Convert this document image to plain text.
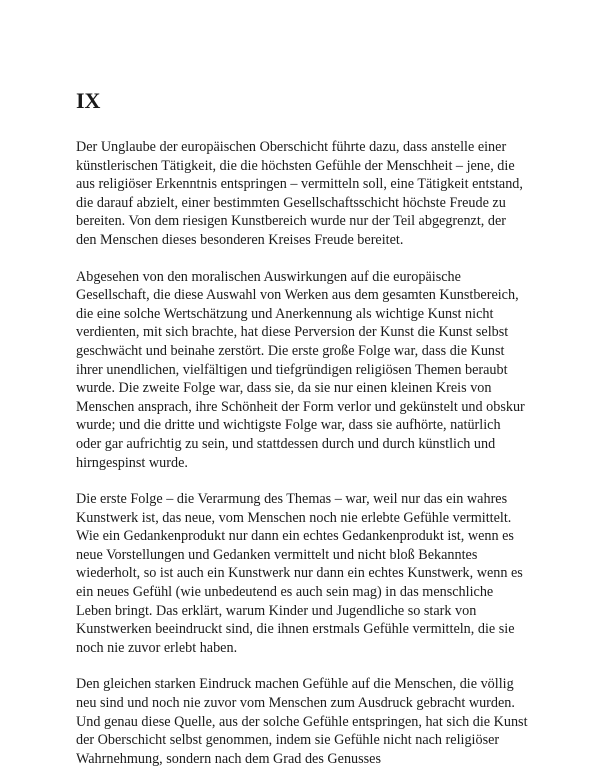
IX

Der Unglaube der europäischen Oberschicht führte dazu, dass anstelle einer künstlerischen Tätigkeit, die die höchsten Gefühle der Menschheit – jene, die aus religiöser Erkenntnis entspringen – vermitteln soll, eine Tätigkeit entstand, die darauf abzielt, einer bestimmten Gesellschaftsschicht höchste Freude zu bereiten. Von dem riesigen Kunstbereich wurde nur der Teil abgegrenzt, der den Menschen dieses besonderen Kreises Freude bereitet.

Abgesehen von den moralischen Auswirkungen auf die europäische Gesellschaft, die diese Auswahl von Werken aus dem gesamten Kunstbereich, die eine solche Wertschätzung und Anerkennung als wichtige Kunst nicht verdienten, mit sich brachte, hat diese Perversion der Kunst die Kunst selbst geschwächt und beinahe zerstört. Die erste große Folge war, dass die Kunst ihrer unendlichen, vielfältigen und tiefgründigen religiösen Themen beraubt wurde. Die zweite Folge war, dass sie, da sie nur einen kleinen Kreis von Menschen ansprach, ihre Schönheit der Form verlor und gekünstelt und obskur wurde; und die dritte und wichtigste Folge war, dass sie aufhörte, natürlich oder gar aufrichtig zu sein, und stattdessen durch und durch künstlich und hirngespinst wurde.

Die erste Folge – die Verarmung des Themas – war, weil nur das ein wahres Kunstwerk ist, das neue, vom Menschen noch nie erlebte Gefühle vermittelt. Wie ein Gedankenprodukt nur dann ein echtes Gedankenprodukt ist, wenn es neue Vorstellungen und Gedanken vermittelt und nicht bloß Bekanntes wiederholt, so ist auch ein Kunstwerk nur dann ein echtes Kunstwerk, wenn es ein neues Gefühl (wie unbedeutend es auch sein mag) in das menschliche Leben bringt. Das erklärt, warum Kinder und Jugendliche so stark von Kunstwerken beeindruckt sind, die ihnen erstmals Gefühle vermitteln, die sie noch nie zuvor erlebt haben.

Den gleichen starken Eindruck machen Gefühle auf die Menschen, die völlig neu sind und noch nie zuvor vom Menschen zum Ausdruck gebracht wurden. Und genau diese Quelle, aus der solche Gefühle entspringen, hat sich die Kunst der Oberschicht selbst genommen, indem sie Gefühle nicht nach religiöser Wahrnehmung, sondern nach dem Grad des Genusses
